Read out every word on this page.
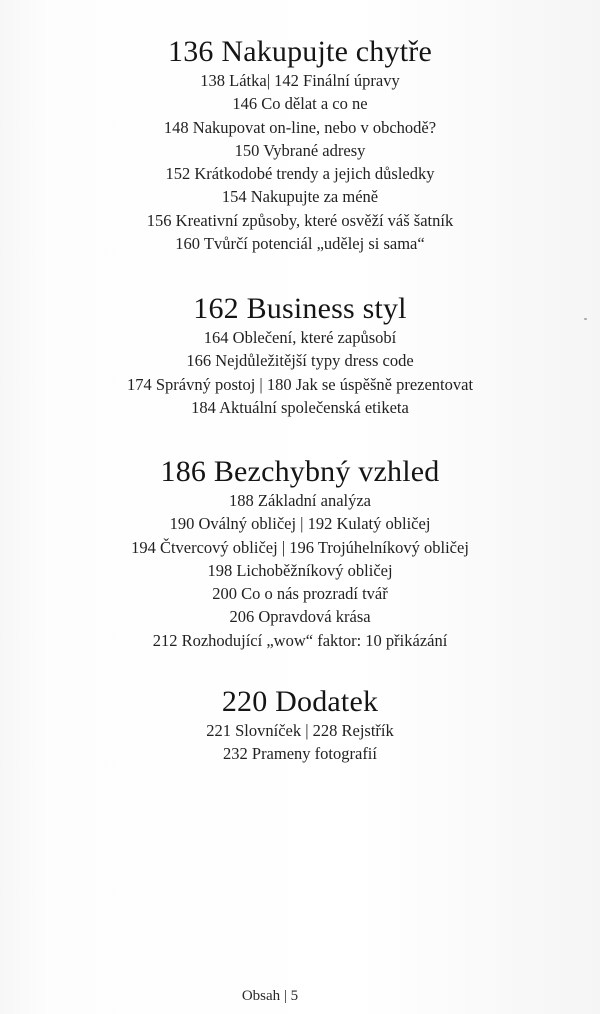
136 Nakupujte chytře
138 Látka| 142 Finální úpravy
146 Co dělat a co ne
148 Nakupovat on-line, nebo v obchodě?
150 Vybrané adresy
152 Krátkodobé trendy a jejich důsledky
154 Nakupujte za méně
156 Kreativní způsoby, které osvěží váš šatník
160 Tvůrčí potenciál „udělej si sama“
162 Business styl
164 Oblečení, které zapůsobí
166 Nejdůležitější typy dress code
174 Správný postoj | 180 Jak se úspěšně prezentovat
184 Aktuální společenská etiketa
186 Bezchybný vzhled
188 Základní analýza
190 Oválný obličej | 192 Kulatý obličej
194 Čtvercový obličej | 196 Trojúhelníkový obličej
198 Lichoběžníkový obličej
200 Co o nás prozradí tvář
206 Opravdová krása
212 Rozhodující „wow“ faktor: 10 přikázání
220 Dodatek
221 Slovníček | 228 Rejstřík
232 Prameny fotografií
Obsah | 5
